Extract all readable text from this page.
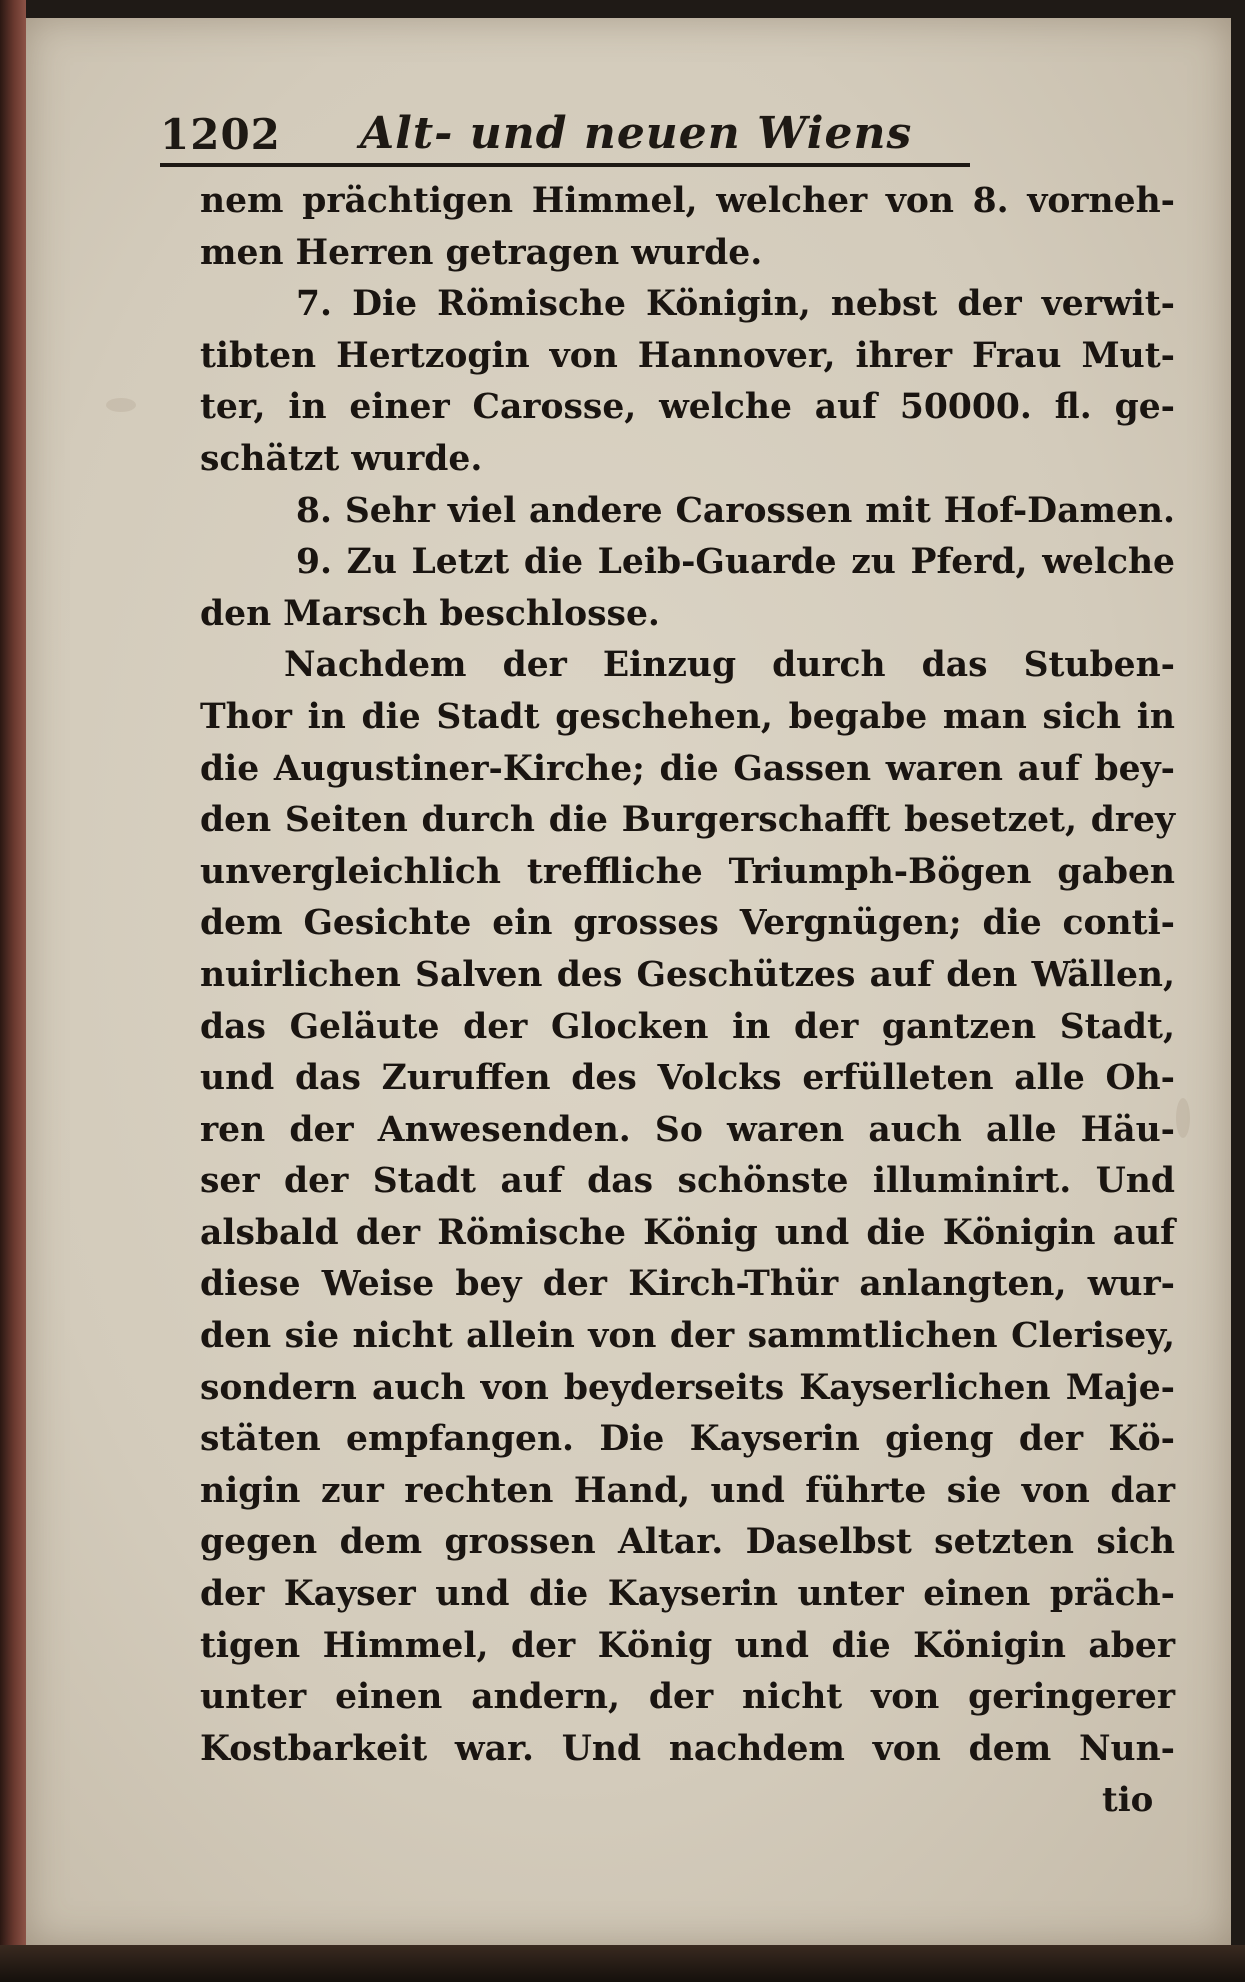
1202 Alt- und neuen Wiens
nem prächtigen Himmel, welcher von 8. vorneh-
men Herren getragen wurde.
7. Die Römische Königin, nebst der verwit-
tibten Hertzogin von Hannover, ihrer Frau Mut-
ter, in einer Carosse, welche auf 50000. fl. ge-
schätzt wurde.
8. Sehr viel andere Carossen mit Hof-Damen.
9. Zu Letzt die Leib-Guarde zu Pferd, welche
den Marsch beschlosse.
Nachdem der Einzug durch das Stuben-
Thor in die Stadt geschehen, begabe man sich in
die Augustiner-Kirche; die Gassen waren auf bey-
den Seiten durch die Burgerschafft besetzet, drey
unvergleichlich treffliche Triumph-Bögen gaben
dem Gesichte ein grosses Vergnügen; die conti-
nuirlichen Salven des Geschützes auf den Wällen,
das Geläute der Glocken in der gantzen Stadt,
und das Zuruffen des Volcks erfülleten alle Oh-
ren der Anwesenden. So waren auch alle Häu-
ser der Stadt auf das schönste illuminirt. Und
alsbald der Römische König und die Königin auf
diese Weise bey der Kirch-Thür anlangten, wur-
den sie nicht allein von der sammtlichen Clerisey,
sondern auch von beyderseits Kayserlichen Maje-
stäten empfangen. Die Kayserin gieng der Kö-
nigin zur rechten Hand, und führte sie von dar
gegen dem grossen Altar. Daselbst setzten sich
der Kayser und die Kayserin unter einen präch-
tigen Himmel, der König und die Königin aber
unter einen andern, der nicht von geringerer
Kostbarkeit war. Und nachdem von dem Nun-
tio
